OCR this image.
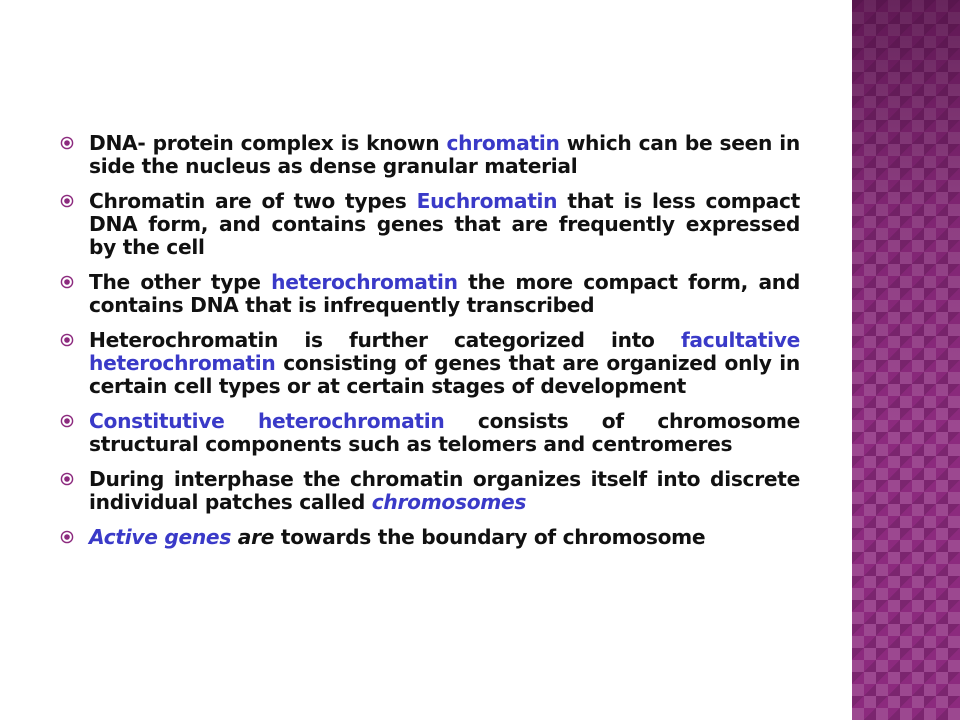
DNA- protein complex is known chromatin which can be seen in side the nucleus as dense granular material
Chromatin are of two types Euchromatin that is less compact DNA form, and contains genes that are frequently expressed by the cell
The other type heterochromatin the more compact form, and contains DNA that is infrequently transcribed
Heterochromatin is further categorized into facultative heterochromatin consisting of genes that are organized only in certain cell types or at certain stages of development
Constitutive heterochromatin consists of chromosome structural components such as telomers and centromeres
During interphase the chromatin organizes itself into discrete individual patches called chromosomes
Active genes are towards the boundary of chromosome
